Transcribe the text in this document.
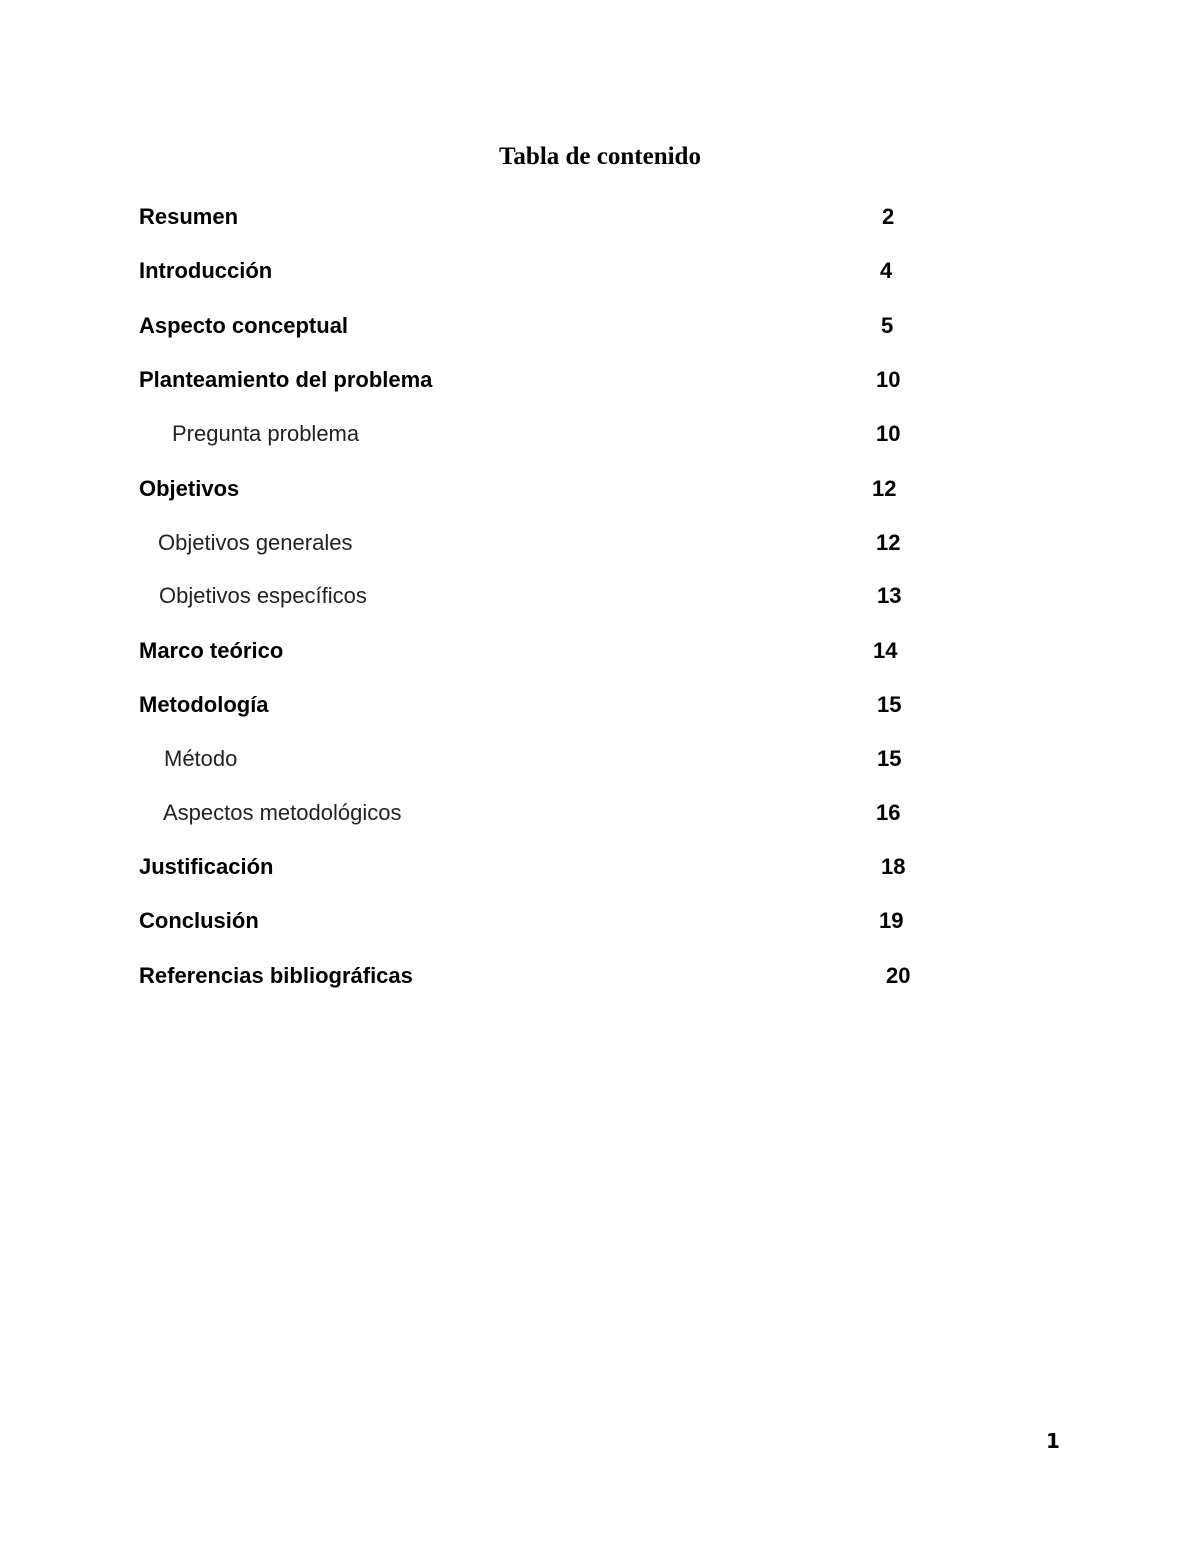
Tabla de contenido
Resumen	2
Introducción	4
Aspecto conceptual	5
Planteamiento del problema	10
Pregunta problema	10
Objetivos	12
Objetivos generales	12
Objetivos específicos	13
Marco teórico	14
Metodología	15
Método	15
Aspectos metodológicos	16
Justificación	18
Conclusión	19
Referencias bibliográficas	20
1
